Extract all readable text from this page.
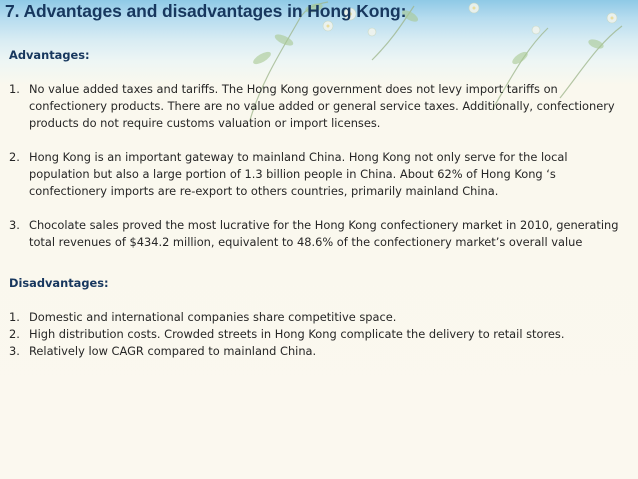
7. Advantages and disadvantages in Hong Kong:
Advantages:
1. No value added taxes and tariffs. The Hong Kong government does not levy import tariffs on confectionery products. There are no value added or general service taxes. Additionally, confectionery products do not require customs valuation or import licenses.
2. Hong Kong is an important gateway to mainland China. Hong Kong not only serve for the local population but also a large portion of 1.3 billion people in China. About 62% of Hong Kong ‘s confectionery imports are re-export to others countries, primarily mainland China.
3. Chocolate sales proved the most lucrative for the Hong Kong confectionery market in 2010, generating total revenues of $434.2 million, equivalent to 48.6% of the confectionery market’s overall value
Disadvantages:
1. Domestic and international companies share competitive space.
2. High distribution costs. Crowded streets in Hong Kong complicate the delivery to retail stores.
3. Relatively low CAGR compared to mainland China.
